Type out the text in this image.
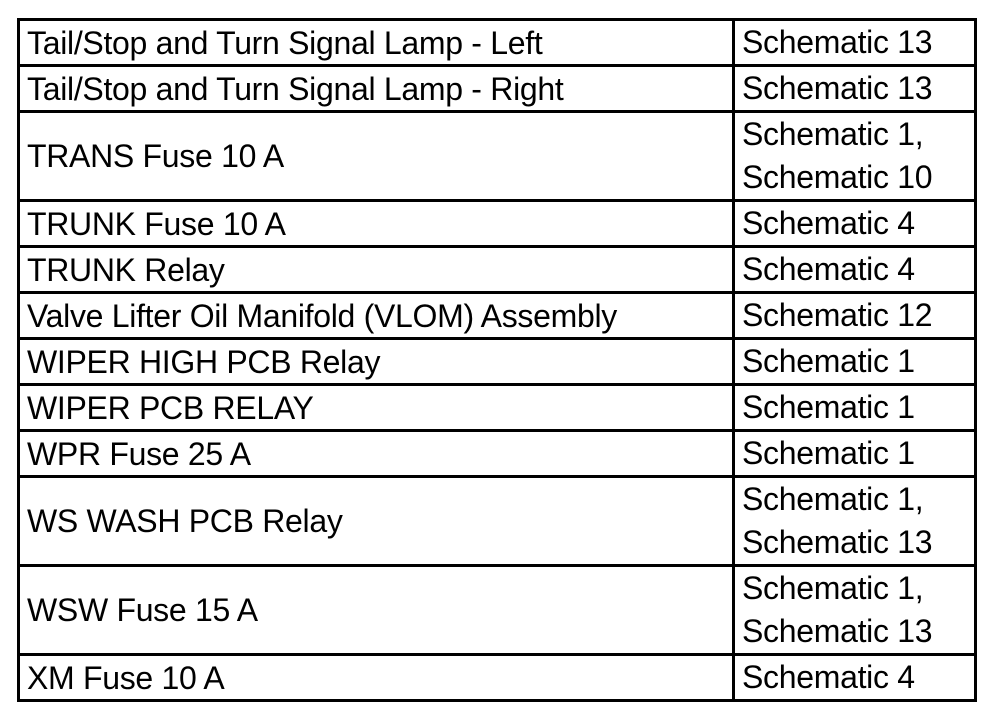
Tail/Stop and Turn Signal Lamp - Left	Schematic 13

Tail/Stop and Turn Signal Lamp - Right	Schematic 13

TRANS Fuse 10 A	Schematic 1,
Schematic 10

TRUNK Fuse 10 A	Schematic 4

TRUNK Relay	Schematic 4

Valve Lifter Oil Manifold (VLOM) Assembly	Schematic 12

WIPER HIGH PCB Relay	Schematic 1

WIPER PCB RELAY	Schematic 1

WPR Fuse 25 A	Schematic 1

WS WASH PCB Relay	Schematic 1,
Schematic 13

WSW Fuse 15 A	Schematic 1,
Schematic 13

XM Fuse 10 A	Schematic 4
